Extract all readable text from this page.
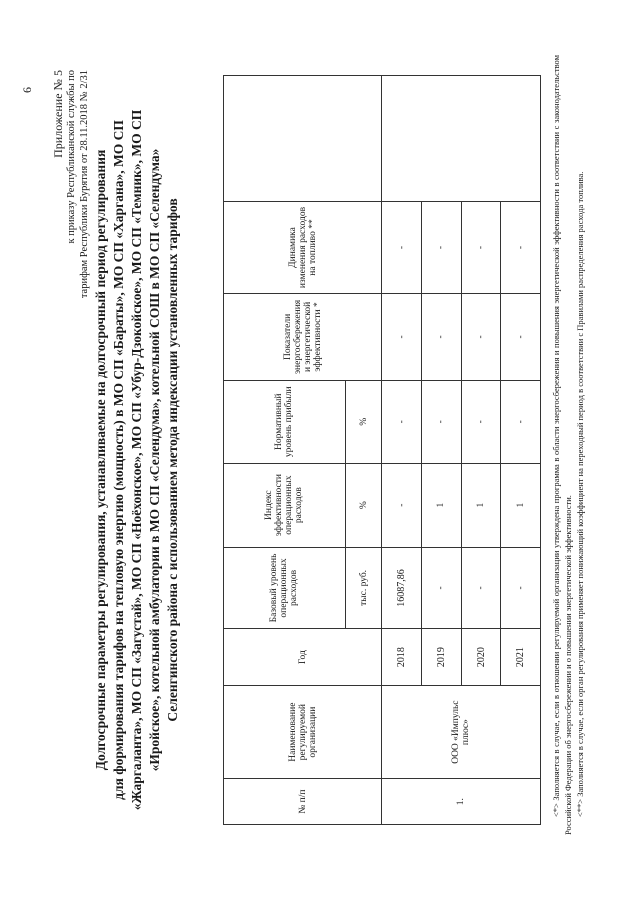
6 Приложение № 5 к приказу Республиканской службы по тарифам Республики Бурятия от 28.11.2018 № 2/31 Долгосрочные параметры регулирования, устанавливаемые на долгосрочный период регулирования для формирования тарифов на тепловую энергию (мощность) в МО СП «Бараты», МО СП «Харгана», МО СП «Жаргаланта», МО СП «Загустай», МО СП «Ноёхонское», МО СП «Убур-Дзокойское», МО СП «Темник», МО СП «Иройское», котельной амбулатории в МО СП «Селендума», котельной СОШ в МО СП «Селендума» Селенгинского района с использованием метода индексации установленных тарифов
№ п/п	Наименование регулируемой организации	Год	Базовый уровень операционных расходов	Индекс эффективности операционных расходов	Нормативный уровень прибыли	Показатели энергосбережения и энергетической эффективности *	Динамика изменения расходов на топливо **	
			тыс. руб.	%	%			
1.	ООО «Импульс плюс»	2018	16087,86	-	-	-	-	
		2019	-	1	-	-	-	
		2020	-	1	-	-	-	
		2021	-	1	-	-	-		<*> Заполняется в случае, если в отношении регулируемой организации утверждена программа в области энергосбережения и повышения энергетической эффективности в соответствии с законодательством Российской Федерации об энергосбережении и о повышении энергетической эффективности. <**> Заполняется в случае, если орган регулирования применяет понижающий коэффициент на переходный период в соответствии с Правилами распределения расхода топлива.
